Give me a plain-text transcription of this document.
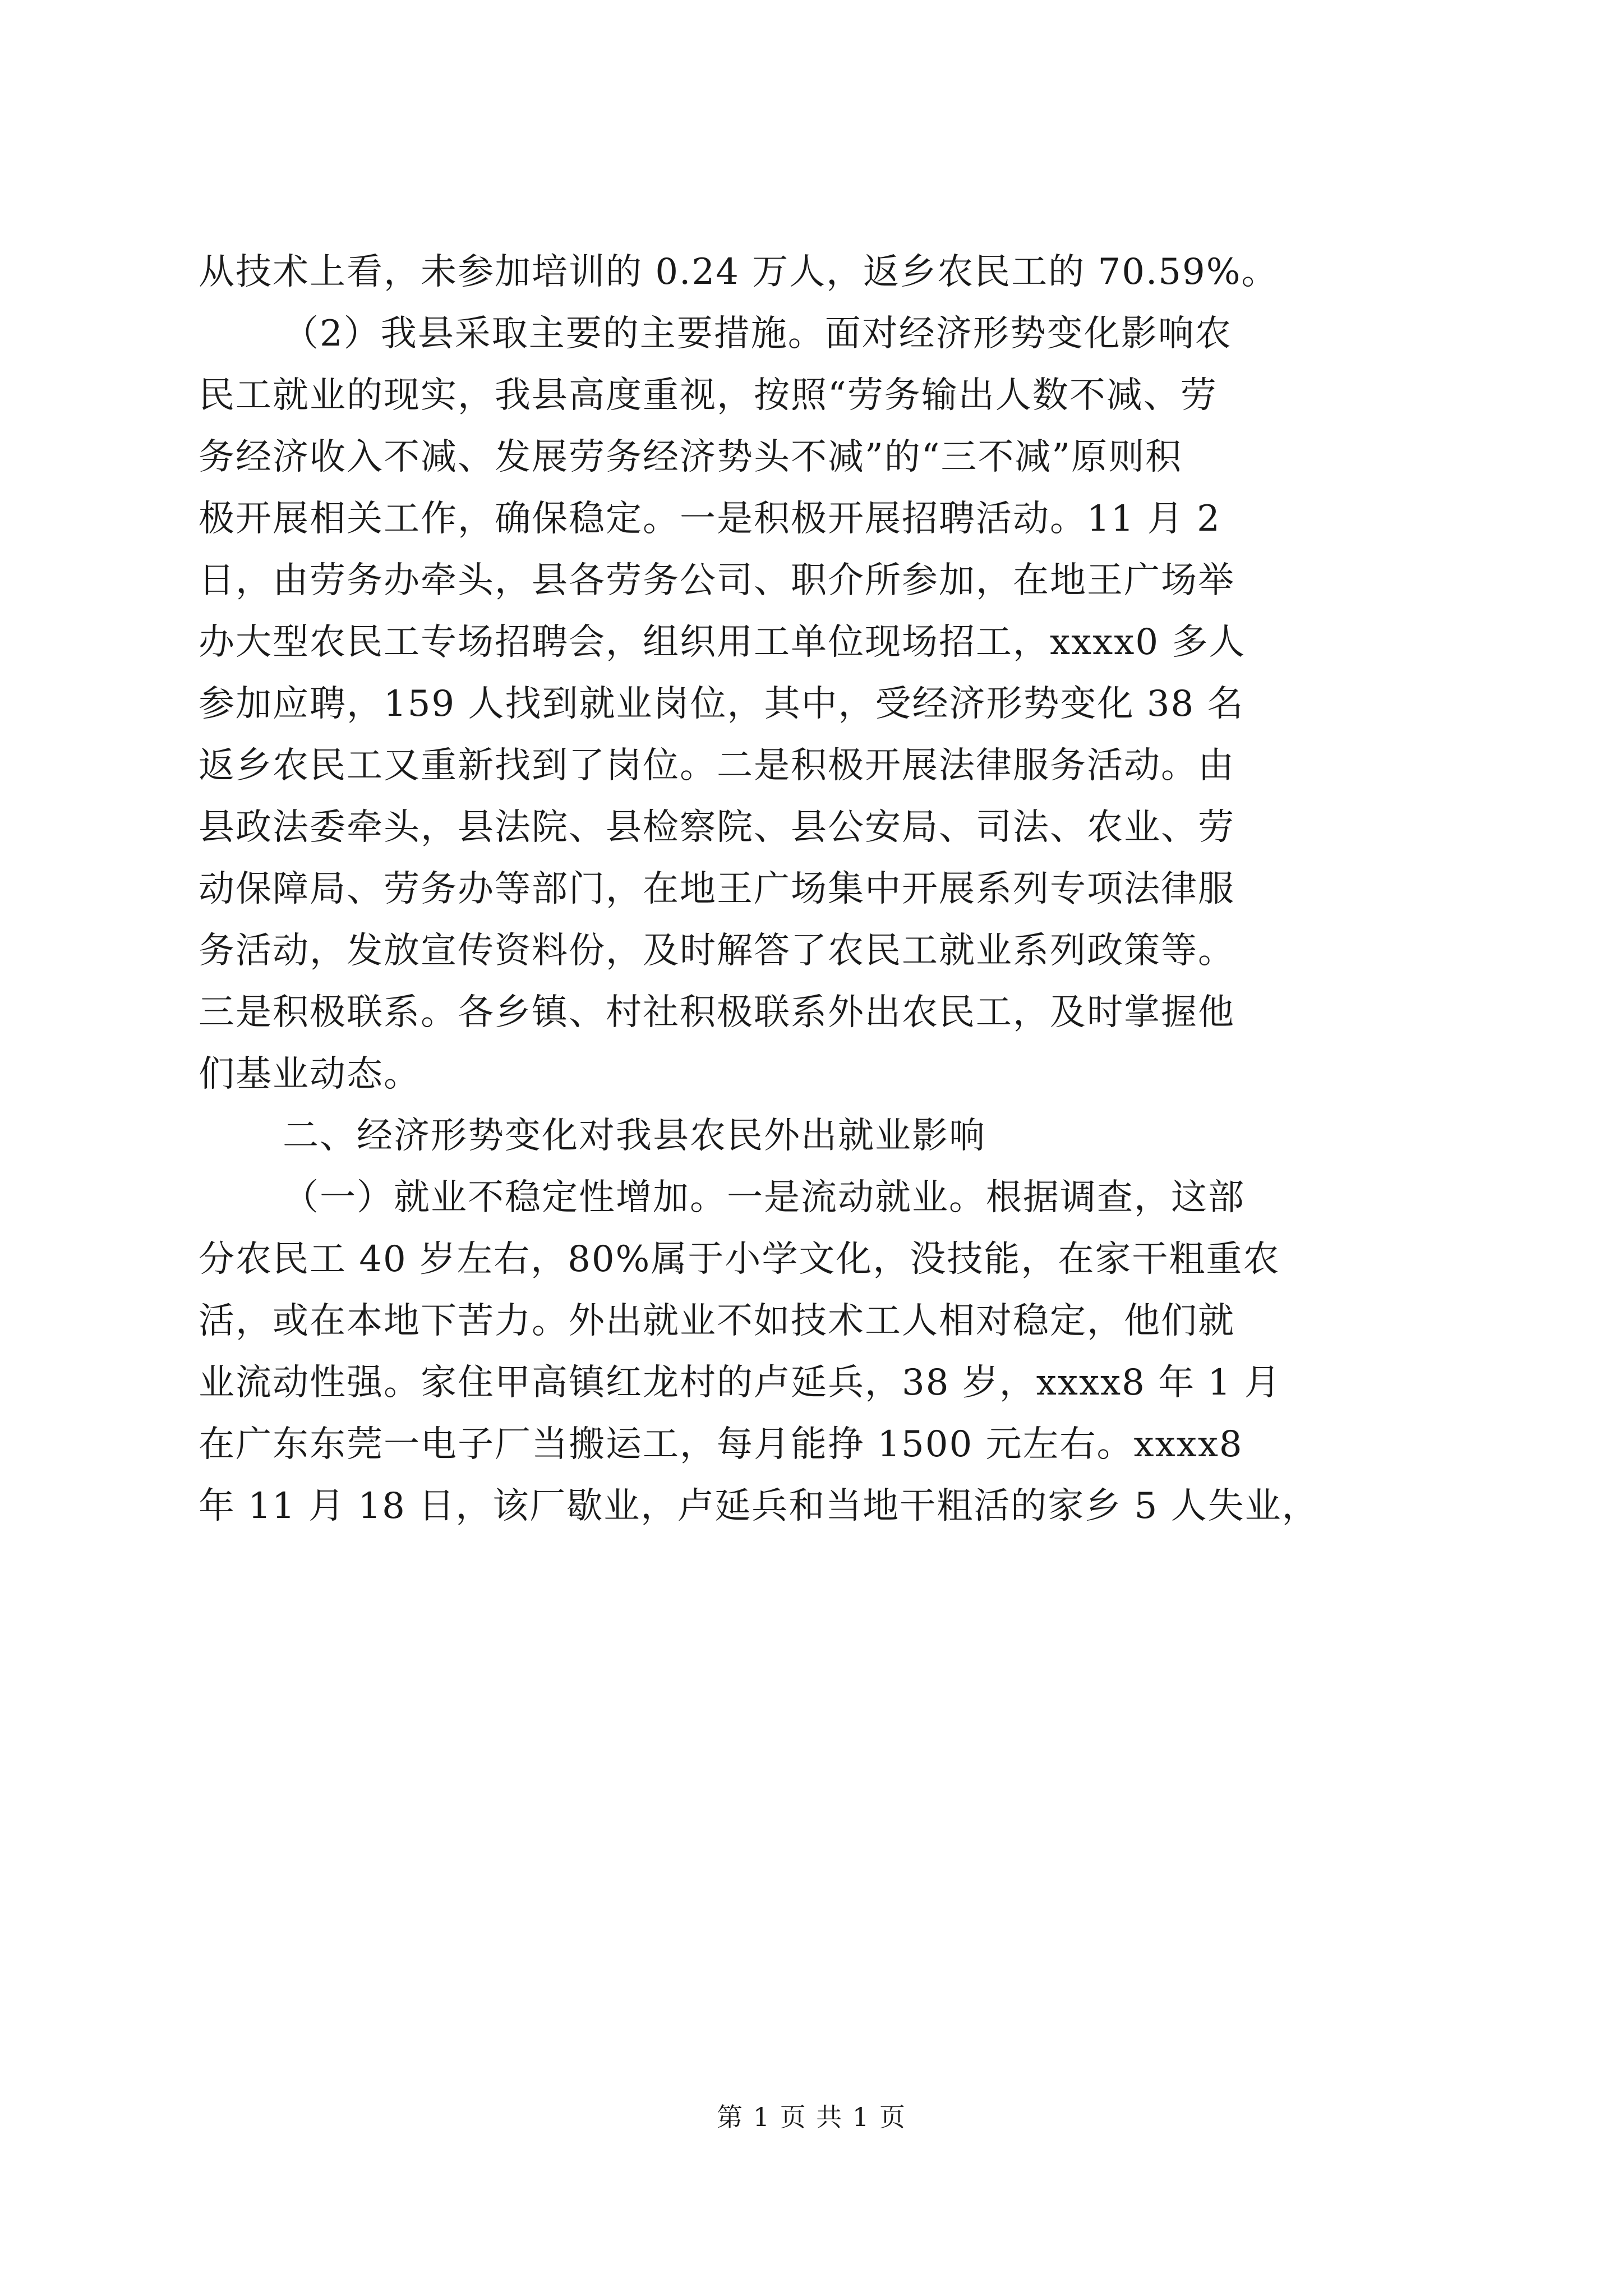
从技术上看，未参加培训的 0.24 万人，返乡农民工的 70.59%。
（2）我县采取主要的主要措施。面对经济形势变化影响农
民工就业的现实，我县高度重视，按照“劳务输出人数不减、劳
务经济收入不减、发展劳务经济势头不减”的“三不减”原则积
极开展相关工作，确保稳定。一是积极开展招聘活动。11 月 2
日，由劳务办牵头，县各劳务公司、职介所参加，在地王广场举
办大型农民工专场招聘会，组织用工单位现场招工，xxxx0 多人
参加应聘，159 人找到就业岗位，其中，受经济形势变化 38 名
返乡农民工又重新找到了岗位。二是积极开展法律服务活动。由
县政法委牵头，县法院、县检察院、县公安局、司法、农业、劳
动保障局、劳务办等部门，在地王广场集中开展系列专项法律服
务活动，发放宣传资料份，及时解答了农民工就业系列政策等。
三是积极联系。各乡镇、村社积极联系外出农民工，及时掌握他
们基业动态。
二、经济形势变化对我县农民外出就业影响
（一）就业不稳定性增加。一是流动就业。根据调查，这部
分农民工 40 岁左右，80%属于小学文化，没技能，在家干粗重农
活，或在本地下苦力。外出就业不如技术工人相对稳定，他们就
业流动性强。家住甲高镇红龙村的卢延兵，38 岁，xxxx8 年 1 月
在广东东莞一电子厂当搬运工，每月能挣 1500 元左右。xxxx8
年 11 月 18 日，该厂歇业，卢延兵和当地干粗活的家乡 5 人失业，
第 1 页 共 1 页
